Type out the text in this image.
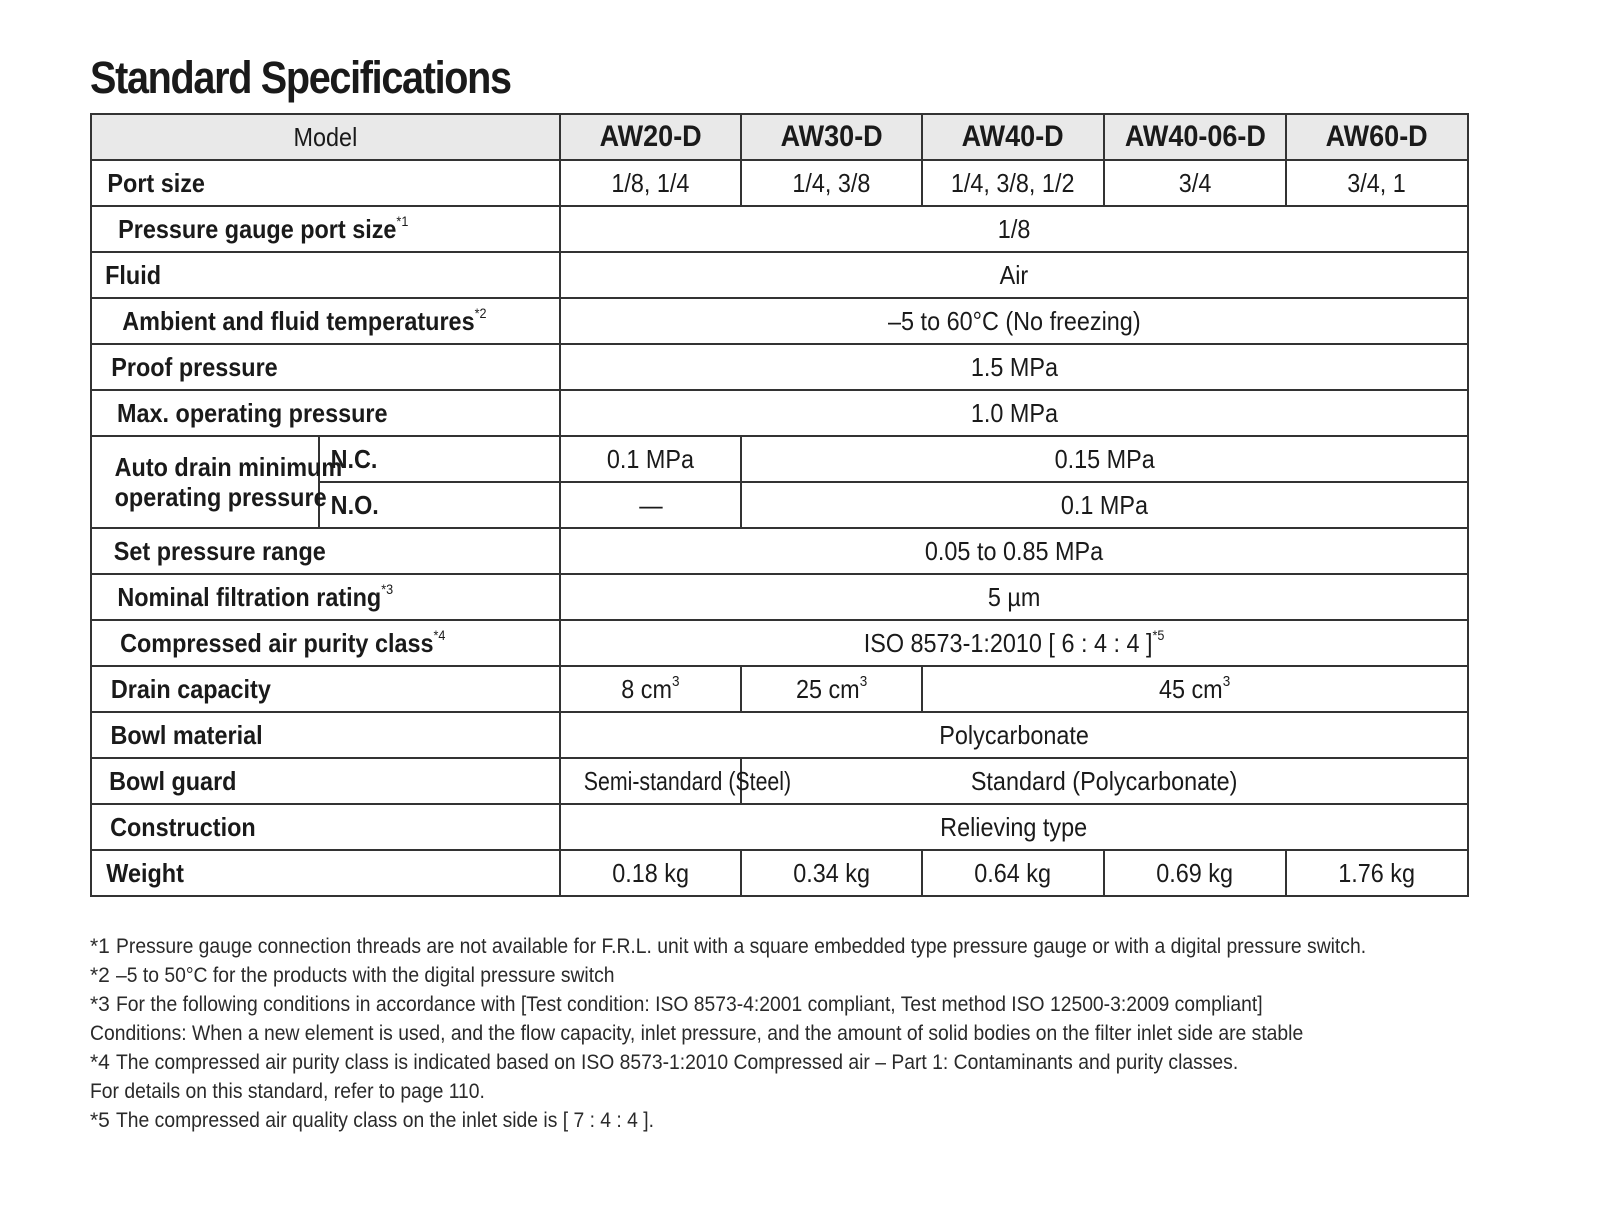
Standard Specifications
Model		AW20-D	AW30-D	AW40-D	AW40-06-D	AW60-D
Port size		1/8, 1/4	1/4, 3/8	1/4, 3/8, 1/2	3/4	3/4, 1
Pressure gauge port size$^{*1}$		1/8				
Fluid		Air				
Ambient and fluid temperatures$^{*2}$		–5 to 60°C (No freezing)				
Proof pressure		1.5 MPa				
Max. operating pressure		1.0 MPa				
Auto drain minimum
operating pressure	N.C.	0.1 MPa	0.15 MPa			
	N.O.	—	0.1 MPa			
Set pressure range		0.05 to 0.85 MPa				
Nominal filtration rating$^{*3}$		5 µm				
Compressed air purity class$^{*4}$		ISO 8573-1:2010 [ 6 : 4 : 4 ]$^{*5}$
Drain capacity		8 $cm^3$	25 $cm^3$	45 $cm^3$
Bowl material		Polycarbonate				
Bowl guard		Semi-standard (Steel)	Standard (Polycarbonate)			
Construction		Relieving type				
Weight		0.18 kg	0.34 kg	0.64 kg	0.69 kg	1.76 kg
*1 Pressure gauge connection threads are not available for F.R.L. unit with a square embedded type pressure gauge or with a digital pressure switch.
*2 –5 to 50°C for the products with the digital pressure switch
*3 For the following conditions in accordance with [Test condition: ISO 8573-4:2001 compliant, Test method ISO 12500-3:2009 compliant]
Conditions: When a new element is used, and the flow capacity, inlet pressure, and the amount of solid bodies on the filter inlet side are stable
*4 The compressed air purity class is indicated based on ISO 8573-1:2010 Compressed air – Part 1: Contaminants and purity classes.
For details on this standard, refer to page 110.
*5 The compressed air quality class on the inlet side is [ 7 : 4 : 4 ].
